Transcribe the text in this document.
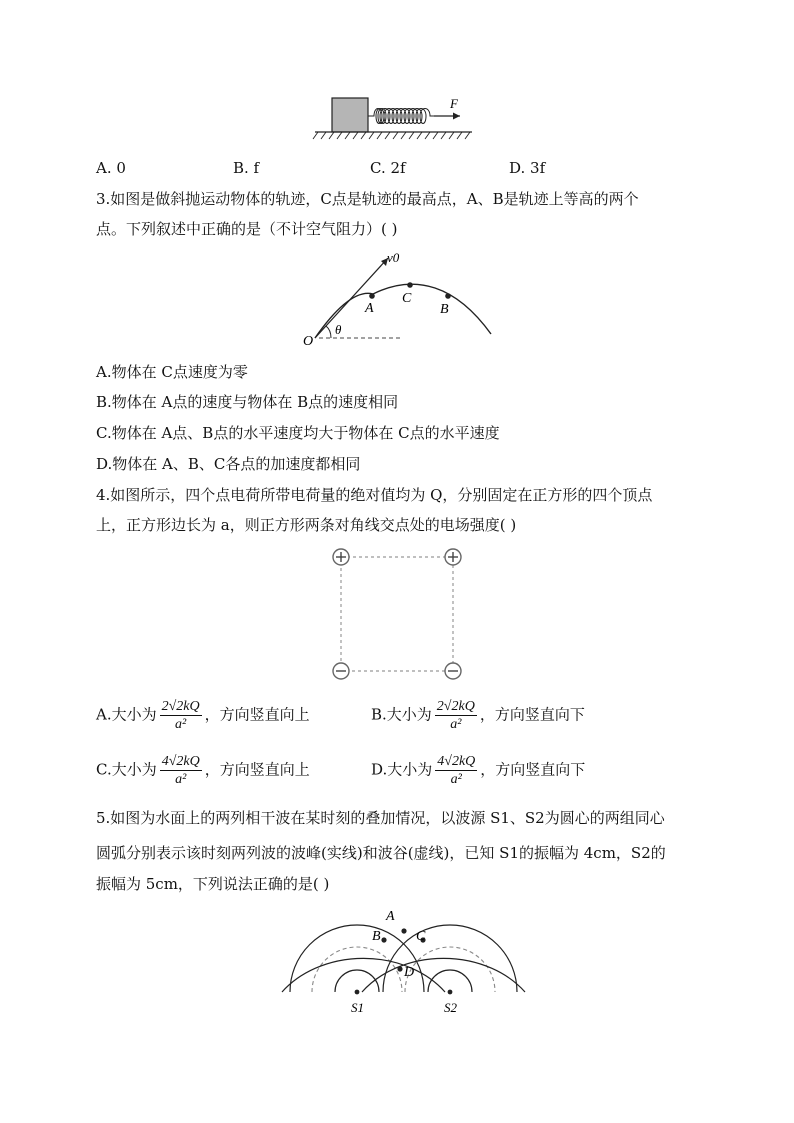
F
A. 0	B. f	C. 2f	D. 3f
3.如图是做斜抛运动物体的轨迹，C点是轨迹的最高点，A、B是轨迹上等高的两个
点。下列叙述中正确的是（不计空气阻力）( )
v0
A
C
B
O
θ
A.物体在 C点速度为零
B.物体在 A点的速度与物体在 B点的速度相同
C.物体在 A点、B点的水平速度均大于物体在 C点的水平速度
D.物体在 A、B、C各点的加速度都相同
4.如图所示，四个点电荷所带电荷量的绝对值均为 Q，分别固定在正方形的四个顶点
上，正方形边长为 a，则正方形两条对角线交点处的电场强度( )
A.大小为 $\frac{2√2kQ}{\text{a²}}$ ，方向竖直向上	B.大小为 $\frac{2√2kQ}{\text{a²}}$ ，方向竖直向下
C.大小为 $\frac{4√2kQ}{\text{a²}}$ ，方向竖直向上	D.大小为 $\frac{4√2kQ}{\text{a²}}$ ，方向竖直向下
5.如图为水面上的两列相干波在某时刻的叠加情况，以波源 S1、S2为圆心的两组同心
圆弧分别表示该时刻两列波的波峰(实线)和波谷(虚线)，已知 S1的振幅为 4cm，S2的
振幅为 5cm，下列说法正确的是( )
A
B	C
D
S1	S2
